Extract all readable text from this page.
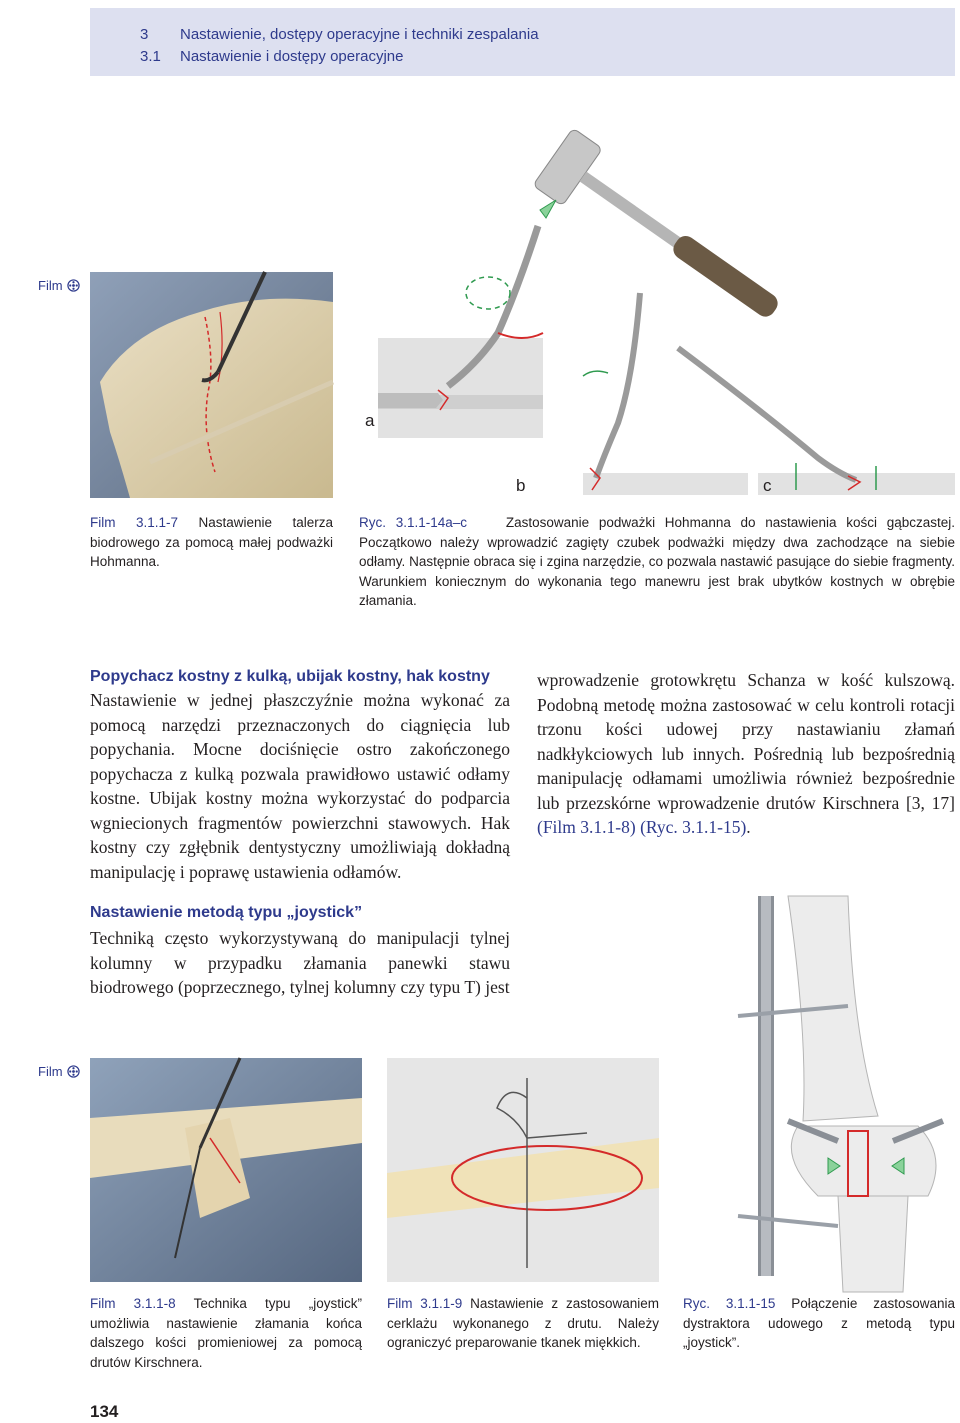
3 Nastawienie, dostępy operacyjne i techniki zespalania
3.1 Nastawienie i dostępy operacyjne
Film
a
b	c
Film 3.1.1-7 Nastawienie talerza biodrowego za pomocą małej podważki Hohmanna.
Ryc. 3.1.1-14a–c	Zastosowanie podważki Hohmanna do nastawienia kości gąbczastej. Początkowo należy wprowadzić zagięty czubek podważki między dwa zachodzące na siebie odłamy. Następnie obraca się i zgina narzędzie, co pozwala nastawić pasujące do siebie fragmenty. Warunkiem koniecznym do wykonania tego manewru jest brak ubytków kostnych w obrębie złamania.
Popychacz kostny z kulką, ubijak kostny, hak kostny
Nastawienie w jednej płaszczyźnie można wykonać za pomocą narzędzi przeznaczonych do ciągnięcia lub popychania. Mocne dociśnięcie ostro zakończonego popychacza z kulką pozwala prawidłowo ustawić odłamy kostne. Ubijak kostny można wykorzystać do podparcia wgniecionych fragmentów powierzchni stawowych. Hak kostny czy zgłębnik dentystyczny umożliwiają dokładną manipulację i poprawę ustawienia odłamów.
wprowadzenie grotowkrętu Schanza w kość kulszową. Podobną metodę można zastosować w celu kontroli rotacji trzonu kości udowej przy nastawianiu złamań nadkłykciowych lub innych. Pośrednią lub bezpośrednią manipulację odłamami umożliwia również bezpośrednie lub przezskórne wprowadzenie drutów Kirschnera [3, 17] (Film 3.1.1-8) (Ryc. 3.1.1-15).
Nastawienie metodą typu „joystick”
Techniką często wykorzystywaną do manipulacji tylnej kolumny w przypadku złamania panewki stawu biodrowego (poprzecznego, tylnej kolumny czy typu T) jest
Film
Film 3.1.1-8 Technika typu „joystick” umożliwia nastawienie złamania końca dalszego kości promieniowej za pomocą drutów Kirschnera.
Film 3.1.1-9 Nastawienie z zastosowaniem cerklażu wykonanego z drutu. Należy ograniczyć preparowanie tkanek miękkich.
Ryc. 3.1.1-15 Połączenie zastosowania dystraktora udowego z metodą typu „joystick”.
134
